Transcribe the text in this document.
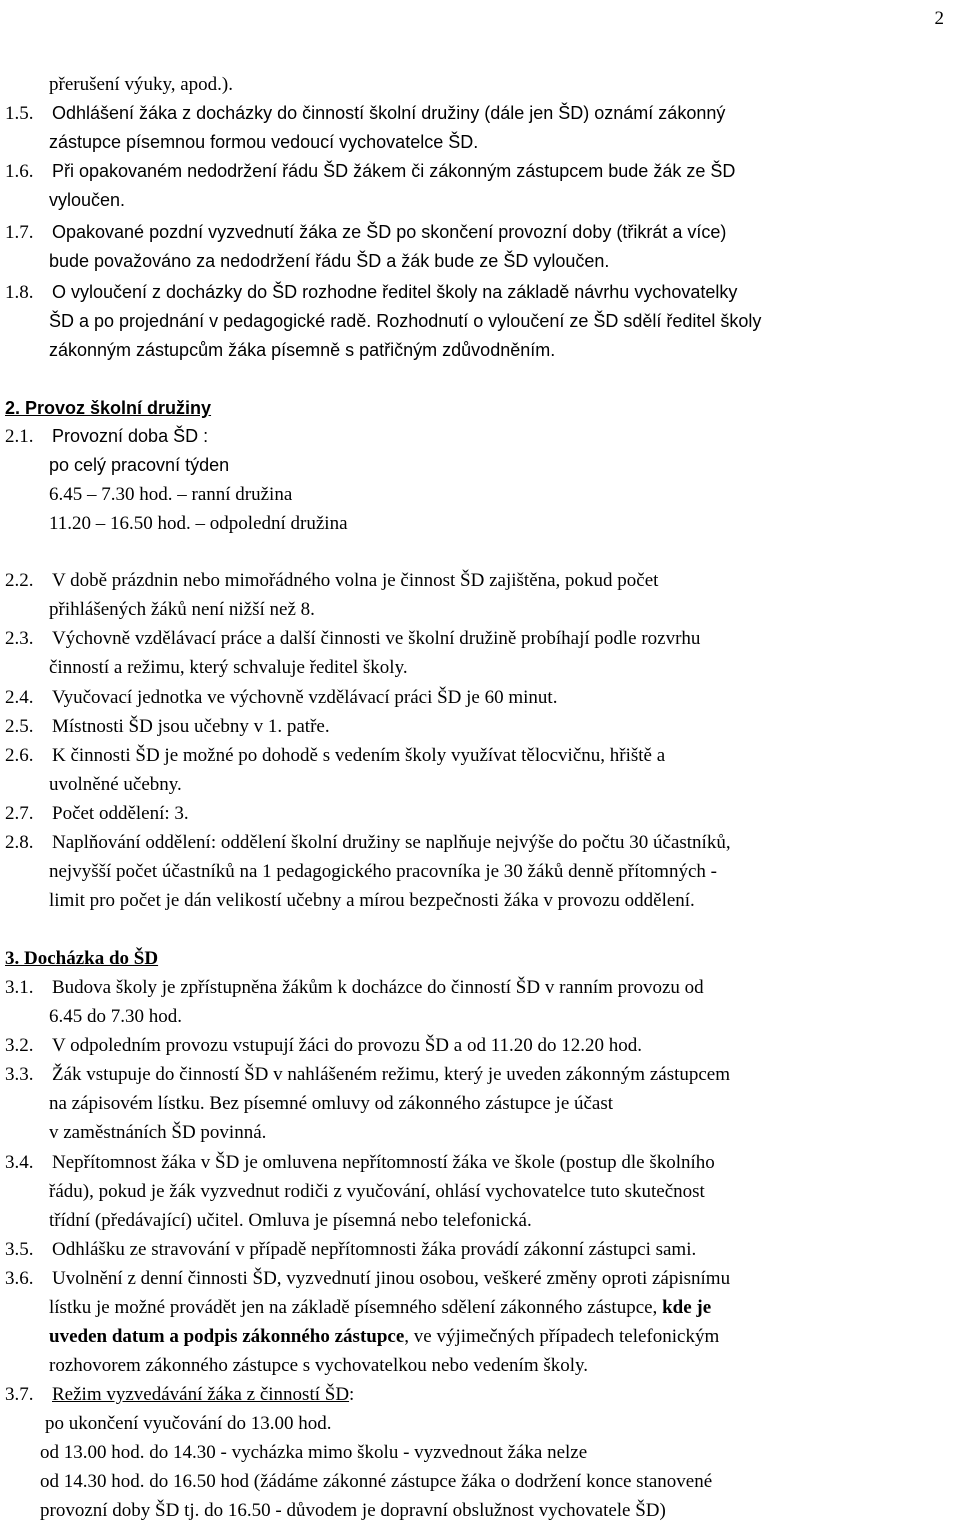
2
přerušení výuky, apod.).
1.5. Odhlášení žáka z docházky do činností školní družiny (dále jen ŠD) oznámí zákonný
zástupce písemnou formou vedoucí vychovatelce ŠD.
1.6. Při opakovaném nedodržení řádu ŠD žákem či zákonným zástupcem bude žák ze ŠD
vyloučen.
1.7. Opakované pozdní vyzvednutí žáka ze ŠD po skončení provozní doby (třikrát a více)
bude považováno za nedodržení řádu ŠD a žák bude ze ŠD vyloučen.
1.8. O vyloučení z docházky do ŠD rozhodne ředitel školy na základě návrhu vychovatelky
ŠD a po projednání v pedagogické radě. Rozhodnutí o vyloučení ze ŠD sdělí ředitel školy
zákonným zástupcům žáka písemně s patřičným zdůvodněním.
2. Provoz školní družiny
2.1. Provozní doba ŠD :
po celý pracovní týden
6.45 – 7.30 hod. – ranní družina
11.20 – 16.50 hod. – odpolední družina
2.2. V době prázdnin nebo mimořádného volna je činnost ŠD zajištěna, pokud počet
přihlášených žáků není nižší než 8.
2.3. Výchovně vzdělávací práce a další činnosti ve školní družině probíhají podle rozvrhu
činností a režimu, který schvaluje ředitel školy.
2.4. Vyučovací jednotka ve výchovně vzdělávací práci ŠD je 60 minut.
2.5. Místnosti ŠD jsou učebny v 1. patře.
2.6. K činnosti ŠD je možné po dohodě s vedením školy využívat tělocvičnu, hřiště a
uvolněné učebny.
2.7. Počet oddělení: 3.
2.8. Naplňování oddělení: oddělení školní družiny se naplňuje nejvýše do počtu 30 účastníků,
nejvyšší počet účastníků na 1 pedagogického pracovníka je 30 žáků denně přítomných -
limit pro počet je dán velikostí učebny a mírou bezpečnosti žáka v provozu oddělení.
3. Docházka do ŠD
3.1. Budova školy je zpřístupněna žákům k docházce do činností ŠD v ranním provozu od
6.45 do 7.30 hod.
3.2. V odpoledním provozu vstupují žáci do provozu ŠD a od 11.20 do 12.20 hod.
3.3. Žák vstupuje do činností ŠD v nahlášeném režimu, který je uveden zákonným zástupcem
na zápisovém lístku. Bez písemné omluvy od zákonného zástupce je účast
v zaměstnáních ŠD povinná.
3.4. Nepřítomnost žáka v ŠD je omluvena nepřítomností žáka ve škole (postup dle školního
řádu), pokud je žák vyzvednut rodiči z vyučování, ohlásí vychovatelce tuto skutečnost
třídní (předávající) učitel. Omluva je písemná nebo telefonická.
3.5. Odhlášku ze stravování v případě nepřítomnosti žáka provádí zákonní zástupci sami.
3.6. Uvolnění z denní činnosti ŠD, vyzvednutí jinou osobou, veškeré změny oproti zápisnímu
lístku je možné provádět jen na základě písemného sdělení zákonného zástupce, kde je
uveden datum a podpis zákonného zástupce, ve výjimečných případech telefonickým
rozhovorem zákonného zástupce s vychovatelkou nebo vedením školy.
3.7. Režim vyzvedávání žáka z činností ŠD:
po ukončení vyučování do 13.00 hod.
od 13.00 hod. do 14.30 - vycházka mimo školu - vyzvednout žáka nelze
od 14.30 hod. do 16.50 hod (žádáme zákonné zástupce žáka o dodržení konce stanovené
provozní doby ŠD tj. do 16.50 - důvodem je dopravní obslužnost vychovatele ŠD)
